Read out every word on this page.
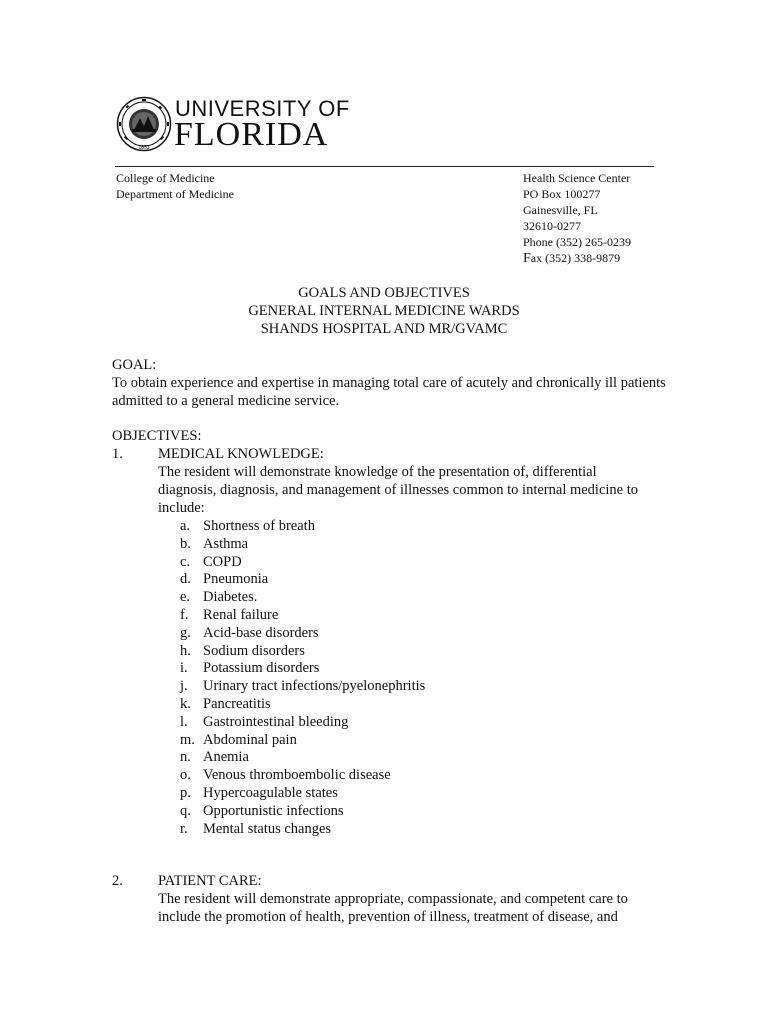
1853
UNIVERSITY OF
FLORIDA
College of Medicine
Department of Medicine
Health Science Center
PO Box 100277
Gainesville, FL
32610-0277
Phone (352) 265-0239
Fax (352) 338-9879
GOALS AND OBJECTIVES
GENERAL INTERNAL MEDICINE WARDS
SHANDS HOSPITAL AND MR/GVAMC
GOAL:
To obtain experience and expertise in managing total care of acutely and chronically ill patients admitted to a general medicine service.
OBJECTIVES:
1. MEDICAL KNOWLEDGE:
The resident will demonstrate knowledge of the presentation of, differential diagnosis, diagnosis, and management of illnesses common to internal medicine to include:
a. Shortness of breath
b. Asthma
c. COPD
d. Pneumonia
e. Diabetes.
f. Renal failure
g. Acid-base disorders
h. Sodium disorders
i. Potassium disorders
j. Urinary tract infections/pyelonephritis
k. Pancreatitis
l. Gastrointestinal bleeding
m. Abdominal pain
n. Anemia
o. Venous thromboembolic disease
p. Hypercoagulable states
q. Opportunistic infections
r. Mental status changes
2. PATIENT CARE:
The resident will demonstrate appropriate, compassionate, and competent care to include the promotion of health, prevention of illness, treatment of disease, and
